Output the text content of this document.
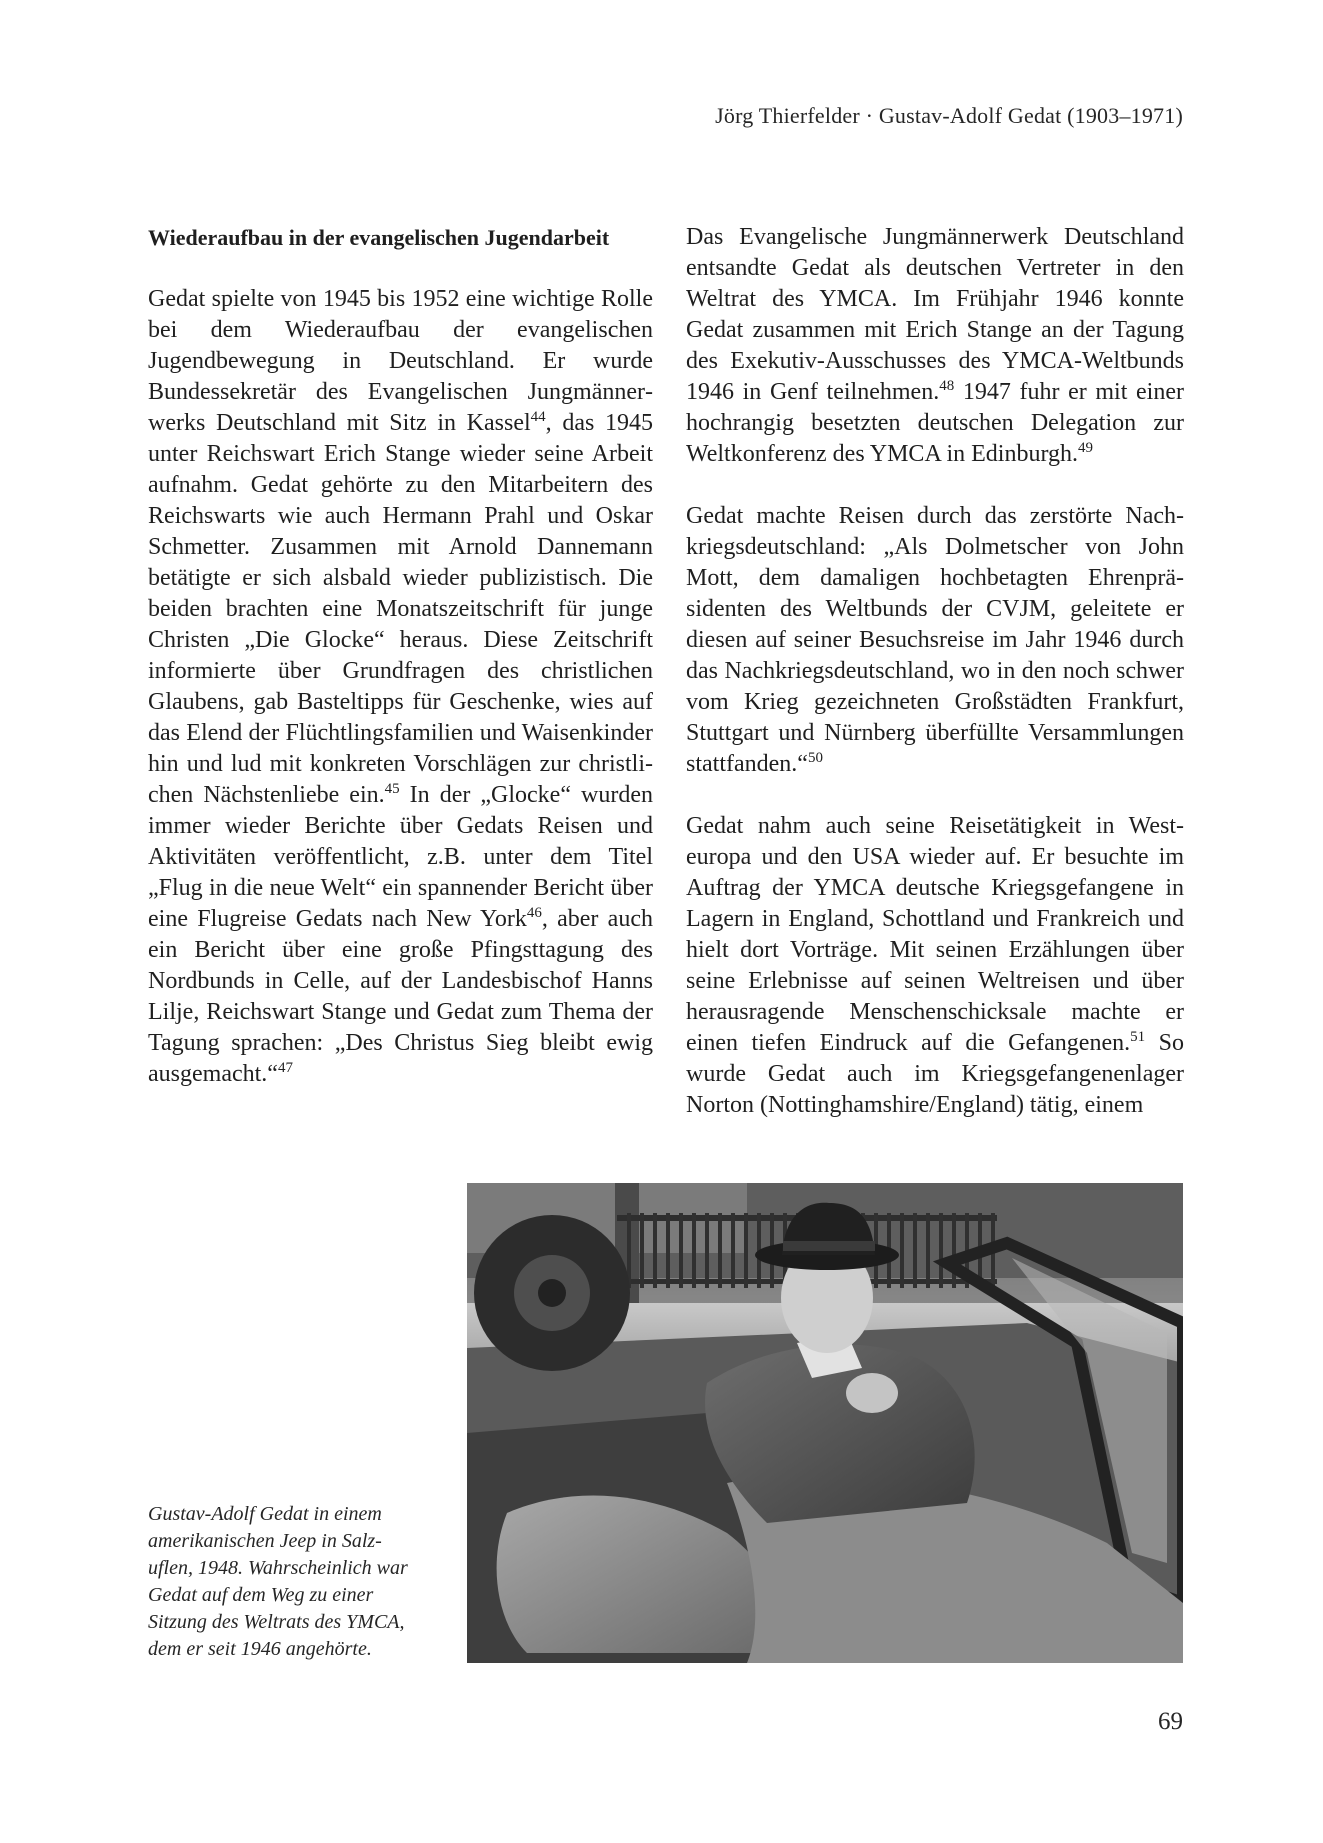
Jörg Thierfelder · Gustav-Adolf Gedat (1903–1971)
Wiederaufbau in der evangelischen Jugendarbeit
Gedat spielte von 1945 bis 1952 eine wichtige Rolle bei dem Wiederaufbau der evangelischen Jugendbewegung in Deutschland. Er wurde Bundessekretär des Evangelischen Jungmännerwerks Deutschland mit Sitz in Kassel$^{44}$, das 1945 unter Reichswart Erich Stange wieder seine Arbeit aufnahm. Gedat gehörte zu den Mitarbeitern des Reichswarts wie auch Hermann Prahl und Oskar Schmetter. Zusammen mit Arnold Dannemann betätigte er sich alsbald wieder publizistisch. Die beiden brachten eine Monatszeitschrift für junge Christen „Die Glocke“ heraus. Diese Zeitschrift informierte über Grundfragen des christlichen Glaubens, gab Basteltipps für Geschenke, wies auf das Elend der Flüchtlingsfamilien und Waisenkinder hin und lud mit konkreten Vorschlägen zur christlichen Nächstenliebe ein.$^{45}$ In der „Glocke“ wurden immer wieder Berichte über Gedats Reisen und Aktivitäten veröffentlicht, z.B. unter dem Titel „Flug in die neue Welt“ ein spannender Bericht über eine Flugreise Gedats nach New York$^{46}$, aber auch ein Bericht über eine große Pfingsttagung des Nordbunds in Celle, auf der Landesbischof Hanns Lilje, Reichswart Stange und Gedat zum Thema der Tagung sprachen: „Des Christus Sieg bleibt ewig ausgemacht.“$^{47}$
Das Evangelische Jungmännerwerk Deutschland entsandte Gedat als deutschen Vertreter in den Weltrat des YMCA. Im Frühjahr 1946 konnte Gedat zusammen mit Erich Stange an der Tagung des Exekutiv-Ausschusses des YMCA-Weltbunds 1946 in Genf teilnehmen.$^{48}$ 1947 fuhr er mit einer hochrangig besetzten deutschen Delegation zur Weltkonferenz des YMCA in Edinburgh.$^{49}$
Gedat machte Reisen durch das zerstörte Nachkriegsdeutschland: „Als Dolmetscher von John Mott, dem damaligen hochbetagten Ehrenpräsidenten des Weltbunds der CVJM, geleitete er diesen auf seiner Besuchsreise im Jahr 1946 durch das Nachkriegsdeutschland, wo in den noch schwer vom Krieg gezeichneten Großstädten Frankfurt, Stuttgart und Nürnberg überfüllte Versammlungen stattfanden.“$^{50}$
Gedat nahm auch seine Reisetätigkeit in Westeuropa und den USA wieder auf. Er besuchte im Auftrag der YMCA deutsche Kriegsgefangene in Lagern in England, Schottland und Frankreich und hielt dort Vorträge. Mit seinen Erzählungen über seine Erlebnisse auf seinen Weltreisen und über herausragende Menschenschicksale machte er einen tiefen Eindruck auf die Gefangenen.$^{51}$ So wurde Gedat auch im Kriegsgefangenenlager Norton (Nottinghamshire/England) tätig, einem
Gustav-Adolf Gedat in einem
amerikanischen Jeep in Salz-
uflen, 1948. Wahrscheinlich war
Gedat auf dem Weg zu einer
Sitzung des Weltrats des YMCA,
dem er seit 1946 angehörte.
69
